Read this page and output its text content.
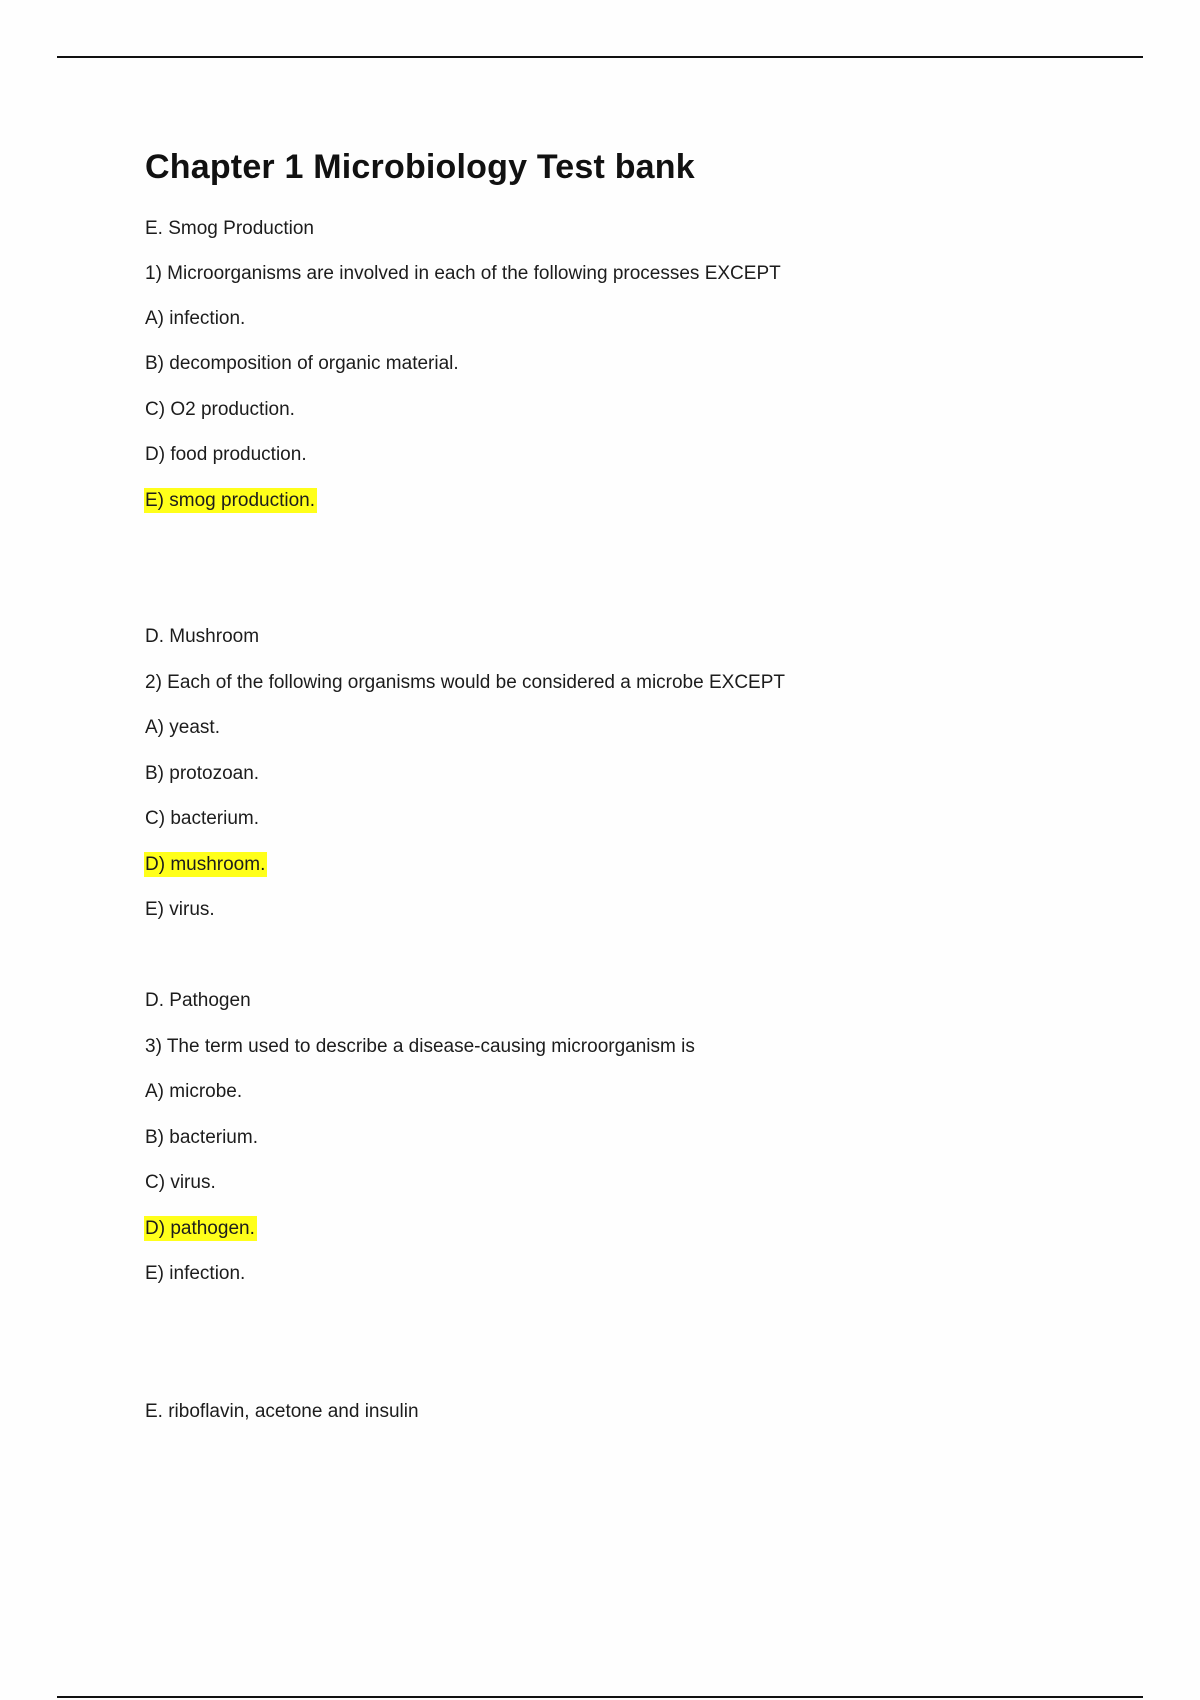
Chapter 1 Microbiology Test bank

E. Smog Production

1) Microorganisms are involved in each of the following processes EXCEPT

A) infection.

B) decomposition of organic material.

C) O2 production.

D) food production.

E) smog production.

D. Mushroom

2) Each of the following organisms would be considered a microbe EXCEPT

A) yeast.

B) protozoan.

C) bacterium.

D) mushroom.

E) virus.

D. Pathogen

3) The term used to describe a disease-causing microorganism is

A) microbe.

B) bacterium.

C) virus.

D) pathogen.

E) infection.

E. riboflavin, acetone and insulin
